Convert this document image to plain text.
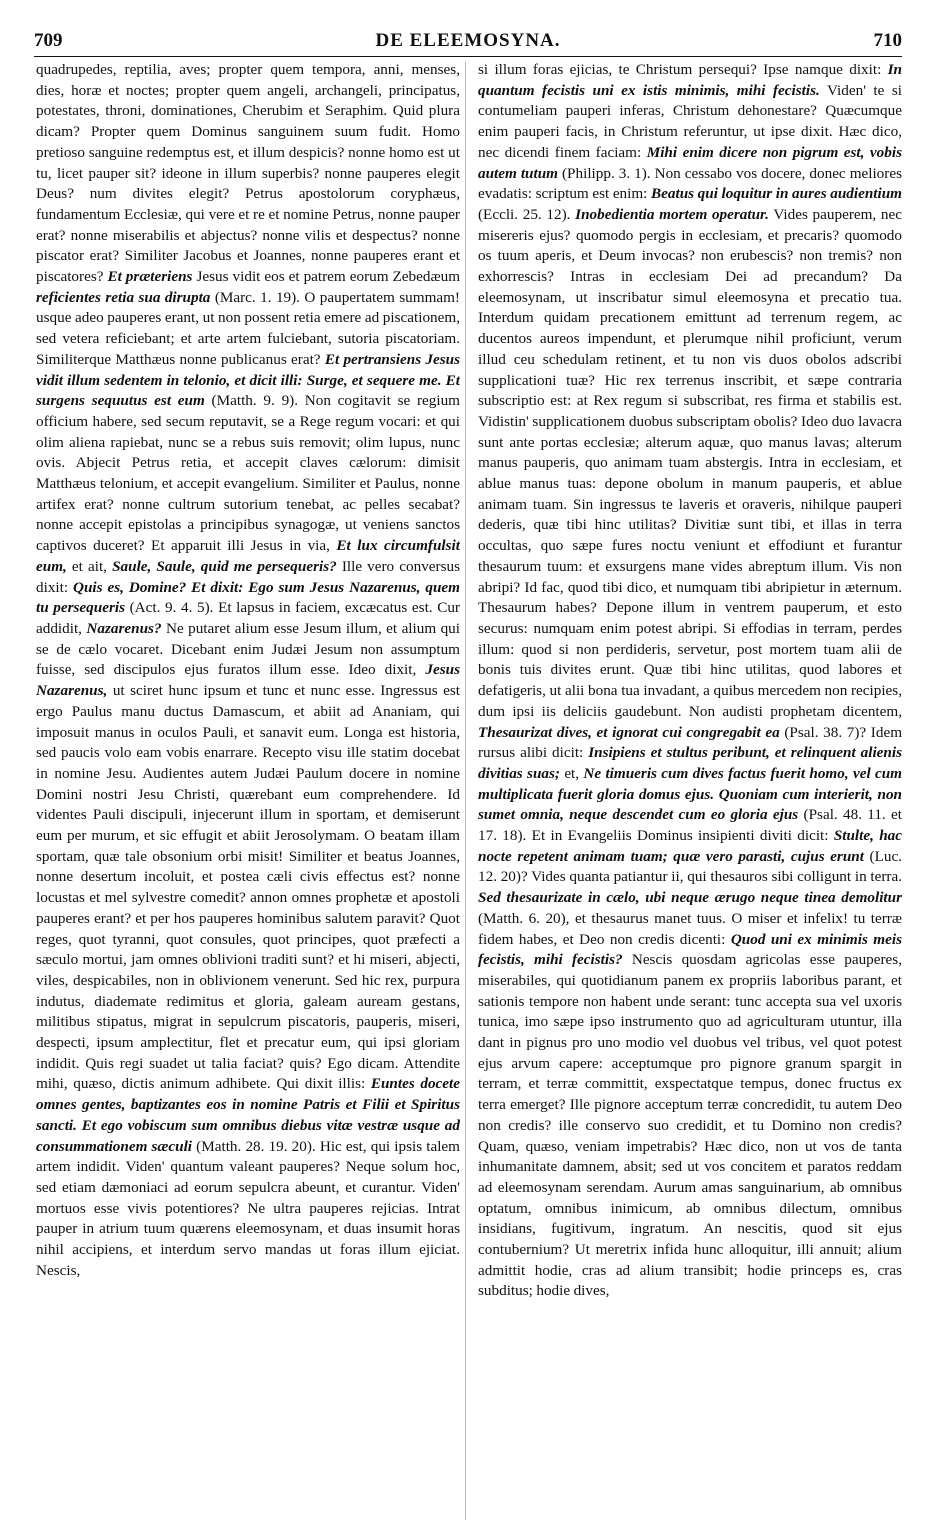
709	DE ELEEMOSYNA.	710

quadrupedes, reptilia, aves; propter quem tempora, anni, menses, dies, horæ et noctes; propter quem angeli, archangeli, principatus, potestates, throni, dominationes, Cherubim et Seraphim. Quid plura dicam? Propter quem Dominus sanguinem suum fudit. Homo pretioso sanguine redemptus est, et illum despicis? nonne homo est ut tu, licet pauper sit? ideone in illum superbis? nonne pauperes elegit Deus? num divites elegit? Petrus apostolorum coryphæus, fundamentum Ecclesiæ, qui vere et re et nomine Petrus, nonne pauper erat? nonne miserabilis et abjectus? nonne vilis et despectus? nonne piscator erat? Similiter Jacobus et Joannes, nonne pauperes erant et piscatores? Et præteriens Jesus vidit eos et patrem eorum Zebedæum reficientes retia sua dirupta (Marc. 1. 19). O paupertatem summam! usque adeo pauperes erant, ut non possent retia emere ad piscationem, sed vetera reficiebant; et arte artem fulciebant, sutoria piscatoriam. Similiterque Matthæus nonne publicanus erat? Et pertransiens Jesus vidit illum sedentem in telonio, et dicit illi: Surge, et sequere me. Et surgens sequutus est eum (Matth. 9. 9). Non cogitavit se regium officium habere, sed secum reputavit, se a Rege regum vocari: et qui olim aliena rapiebat, nunc se a rebus suis removit; olim lupus, nunc ovis. Abjecit Petrus retia, et accepit claves cælorum: dimisit Matthæus telonium, et accepit evangelium. Similiter et Paulus, nonne artifex erat? nonne cultrum sutorium tenebat, ac pelles secabat? nonne accepit epistolas a principibus synagogæ, ut veniens sanctos captivos duceret? Et apparuit illi Jesus in via, Et lux circumfulsit eum, et ait, Saule, Saule, quid me persequeris? Ille vero conversus dixit: Quis es, Domine? Et dixit: Ego sum Jesus Nazarenus, quem tu persequeris (Act. 9. 4. 5). Et lapsus in faciem, excæcatus est. Cur addidit, Nazarenus? Ne putaret alium esse Jesum illum, et alium qui se de cælo vocaret. Dicebant enim Judæi Jesum non assumptum fuisse, sed discipulos ejus furatos illum esse. Ideo dixit, Jesus Nazarenus, ut sciret hunc ipsum et tunc et nunc esse. Ingressus est ergo Paulus manu ductus Damascum, et abiit ad Ananiam, qui imposuit manus in oculos Pauli, et sanavit eum. Longa est historia, sed paucis volo eam vobis enarrare. Recepto visu ille statim docebat in nomine Jesu. Audientes autem Judæi Paulum docere in nomine Domini nostri Jesu Christi, quærebant eum comprehendere. Id videntes Pauli discipuli, injecerunt illum in sportam, et demiserunt eum per murum, et sic effugit et abiit Jerosolymam. O beatam illam sportam, quæ tale obsonium orbi misit! Similiter et beatus Joannes, nonne desertum incoluit, et postea cæli civis effectus est? nonne locustas et mel sylvestre comedit? annon omnes prophetæ et apostoli pauperes erant? et per hos pauperes hominibus salutem paravit? Quot reges, quot tyranni, quot consules, quot principes, quot præfecti a sæculo mortui, jam omnes oblivioni traditi sunt? et hi miseri, abjecti, viles, despicabiles, non in oblivionem venerunt. Sed hic rex, purpura indutus, diademate redimitus et gloria, galeam auream gestans, militibus stipatus, migrat in sepulcrum piscatoris, pauperis, miseri, despecti, ipsum amplectitur, flet et precatur eum, qui ipsi gloriam indidit. Quis regi suadet ut talia faciat? quis? Ego dicam. Attendite mihi, quæso, dictis animum adhibete. Qui dixit illis: Euntes docete omnes gentes, baptizantes eos in nomine Patris et Filii et Spiritus sancti. Et ego vobiscum sum omnibus diebus vitæ vestræ usque ad consummationem sæculi (Matth. 28. 19. 20). Hic est, qui ipsis talem artem indidit. Viden' quantum valeant pauperes? Neque solum hoc, sed etiam dæmoniaci ad eorum sepulcra abeunt, et curantur. Viden' mortuos esse vivis potentiores? Ne ultra pauperes rejicias. Intrat pauper in atrium tuum quærens eleemosynam, et duas insumit horas nihil accipiens, et interdum servo mandas ut foras illum ejiciat. Nescis,

si illum foras ejicias, te Christum persequi? Ipse namque dixit: In quantum fecistis uni ex istis minimis, mihi fecistis. Viden' te si contumeliam pauperi inferas, Christum dehonestare? Quæcumque enim pauperi facis, in Christum referuntur, ut ipse dixit. Hæc dico, nec dicendi finem faciam: Mihi enim dicere non pigrum est, vobis autem tutum (Philipp. 3. 1). Non cessabo vos docere, donec meliores evadatis: scriptum est enim: Beatus qui loquitur in aures audientium (Eccli. 25. 12). Inobedientia mortem operatur. Vides pauperem, nec misereris ejus? quomodo pergis in ecclesiam, et precaris? quomodo os tuum aperis, et Deum invocas? non erubescis? non tremis? non exhorrescis? Intras in ecclesiam Dei ad precandum? Da eleemosynam, ut inscribatur simul eleemosyna et precatio tua. Interdum quidam precationem emittunt ad terrenum regem, ac ducentos aureos impendunt, et plerumque nihil proficiunt, verum illud ceu schedulam retinent, et tu non vis duos obolos adscribi supplicationi tuæ? Hic rex terrenus inscribit, et sæpe contraria subscriptio est: at Rex regum si subscribat, res firma et stabilis est. Vidistin' supplicationem duobus subscriptam obolis? Ideo duo lavacra sunt ante portas ecclesiæ; alterum aquæ, quo manus lavas; alterum manus pauperis, quo animam tuam abstergis. Intra in ecclesiam, et ablue manus tuas: depone obolum in manum pauperis, et ablue animam tuam. Sin ingressus te laveris et oraveris, nihilque pauperi dederis, quæ tibi hinc utilitas? Divitiæ sunt tibi, et illas in terra occultas, quo sæpe fures noctu veniunt et effodiunt et furantur thesaurum tuum: et exsurgens mane vides abreptum illum. Vis non abripi? Id fac, quod tibi dico, et numquam tibi abripietur in æternum. Thesaurum habes? Depone illum in ventrem pauperum, et esto securus: numquam enim potest abripi. Si effodias in terram, perdes illum: quod si non perdideris, servetur, post mortem tuam alii de bonis tuis divites erunt. Quæ tibi hinc utilitas, quod labores et defatigeris, ut alii bona tua invadant, a quibus mercedem non recipies, dum ipsi iis deliciis gaudebunt. Non audisti prophetam dicentem, Thesaurizat dives, et ignorat cui congregabit ea (Psal. 38. 7)? Idem rursus alibi dicit: Insipiens et stultus peribunt, et relinquent alienis divitias suas; et, Ne timueris cum dives factus fuerit homo, vel cum multiplicata fuerit gloria domus ejus. Quoniam cum interierit, non sumet omnia, neque descendet cum eo gloria ejus (Psal. 48. 11. et 17. 18). Et in Evangeliis Dominus insipienti diviti dicit: Stulte, hac nocte repetent animam tuam; quæ vero parasti, cujus erunt (Luc. 12. 20)? Vides quanta patiantur ii, qui thesauros sibi colligunt in terra. Sed thesaurizate in cælo, ubi neque ærugo neque tinea demolitur (Matth. 6. 20), et thesaurus manet tuus. O miser et infelix! tu terræ fidem habes, et Deo non credis dicenti: Quod uni ex minimis meis fecistis, mihi fecistis? Nescis quosdam agricolas esse pauperes, miserabiles, qui quotidianum panem ex propriis laboribus parant, et sationis tempore non habent unde serant: tunc accepta sua vel uxoris tunica, imo sæpe ipso instrumento quo ad agriculturam utuntur, illa dant in pignus pro uno modio vel duobus vel tribus, vel quot potest ejus arvum capere: acceptumque pro pignore granum spargit in terram, et terræ committit, exspectatque tempus, donec fructus ex terra emerget? Ille pignore acceptum terræ concredidit, tu autem Deo non credis? ille conservo suo credidit, et tu Domino non credis? Quam, quæso, veniam impetrabis? Hæc dico, non ut vos de tanta inhumanitate damnem, absit; sed ut vos concitem et paratos reddam ad eleemosynam serendam. Aurum amas sanguinarium, ab omnibus optatum, omnibus inimicum, ab omnibus dilectum, omnibus insidians, fugitivum, ingratum. An nescitis, quod sit ejus contubernium? Ut meretrix infida hunc alloquitur, illi annuit; alium admittit hodie, cras ad alium transibit; hodie princeps es, cras subditus; hodie dives,
